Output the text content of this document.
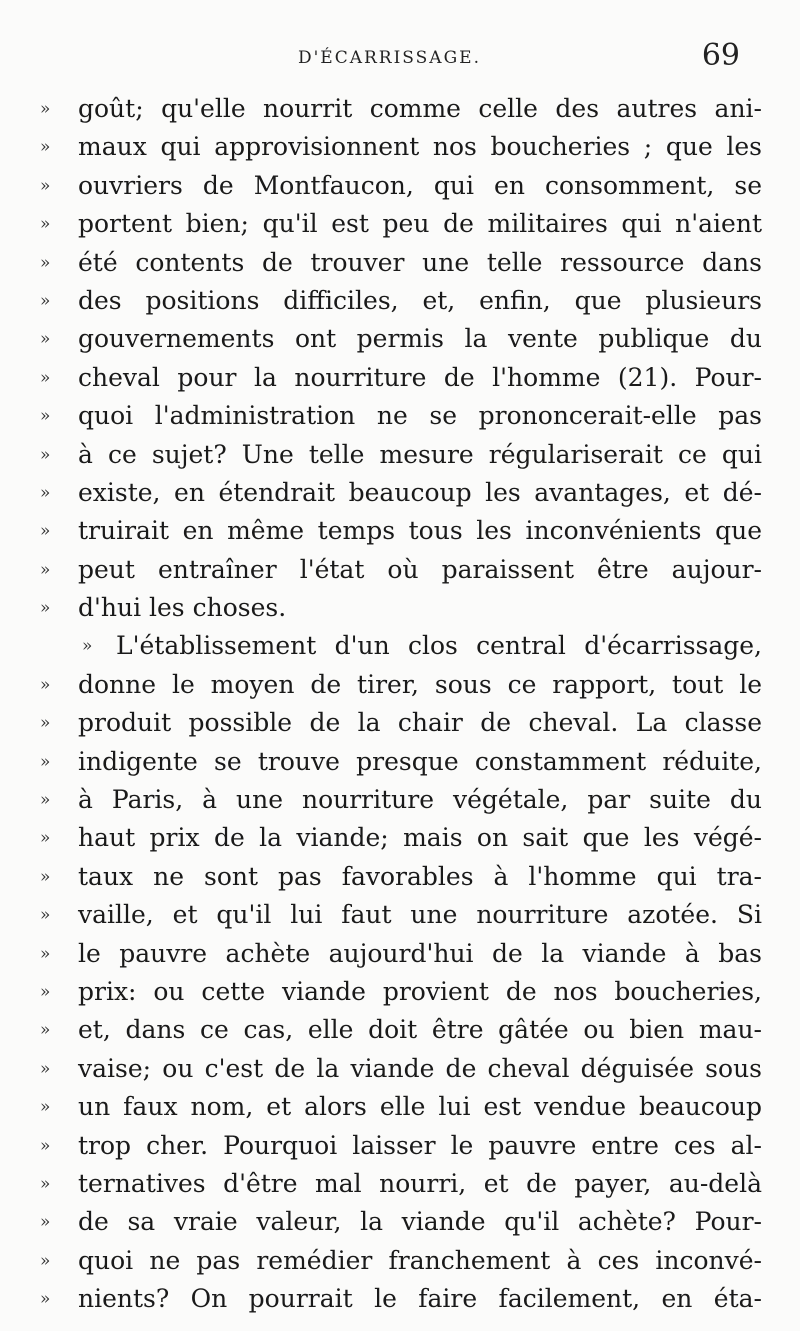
D'ÉCARRISSAGE.	69
»	goût; qu'elle nourrit comme celle des autres ani-
»	maux qui approvisionnent nos boucheries ; que les
»	ouvriers de Montfaucon, qui en consomment, se
»	portent bien; qu'il est peu de militaires qui n'aient
»	été contents de trouver une telle ressource dans
»	des positions difficiles, et, enfin, que plusieurs
»	gouvernements ont permis la vente publique du
»	cheval pour la nourriture de l'homme (21). Pour-
»	quoi l'administration ne se prononcerait-elle pas
»	à ce sujet? Une telle mesure régulariserait ce qui
»	existe, en étendrait beaucoup les avantages, et dé-
»	truirait en même temps tous les inconvénients que
»	peut entraîner l'état où paraissent être aujour-
»	d'hui les choses.
» L'établissement d'un clos central d'écarrissage,
»	donne le moyen de tirer, sous ce rapport, tout le
»	produit possible de la chair de cheval. La classe
»	indigente se trouve presque constamment réduite,
»	à Paris, à une nourriture végétale, par suite du
»	haut prix de la viande; mais on sait que les végé-
»	taux ne sont pas favorables à l'homme qui tra-
»	vaille, et qu'il lui faut une nourriture azotée. Si
»	le pauvre achète aujourd'hui de la viande à bas
»	prix: ou cette viande provient de nos boucheries,
»	et, dans ce cas, elle doit être gâtée ou bien mau-
»	vaise; ou c'est de la viande de cheval déguisée sous
»	un faux nom, et alors elle lui est vendue beaucoup
»	trop cher. Pourquoi laisser le pauvre entre ces al-
»	ternatives d'être mal nourri, et de payer, au-delà
»	de sa vraie valeur, la viande qu'il achète? Pour-
»	quoi ne pas remédier franchement à ces inconvé-
»	nients? On pourrait le faire facilement, en éta-
